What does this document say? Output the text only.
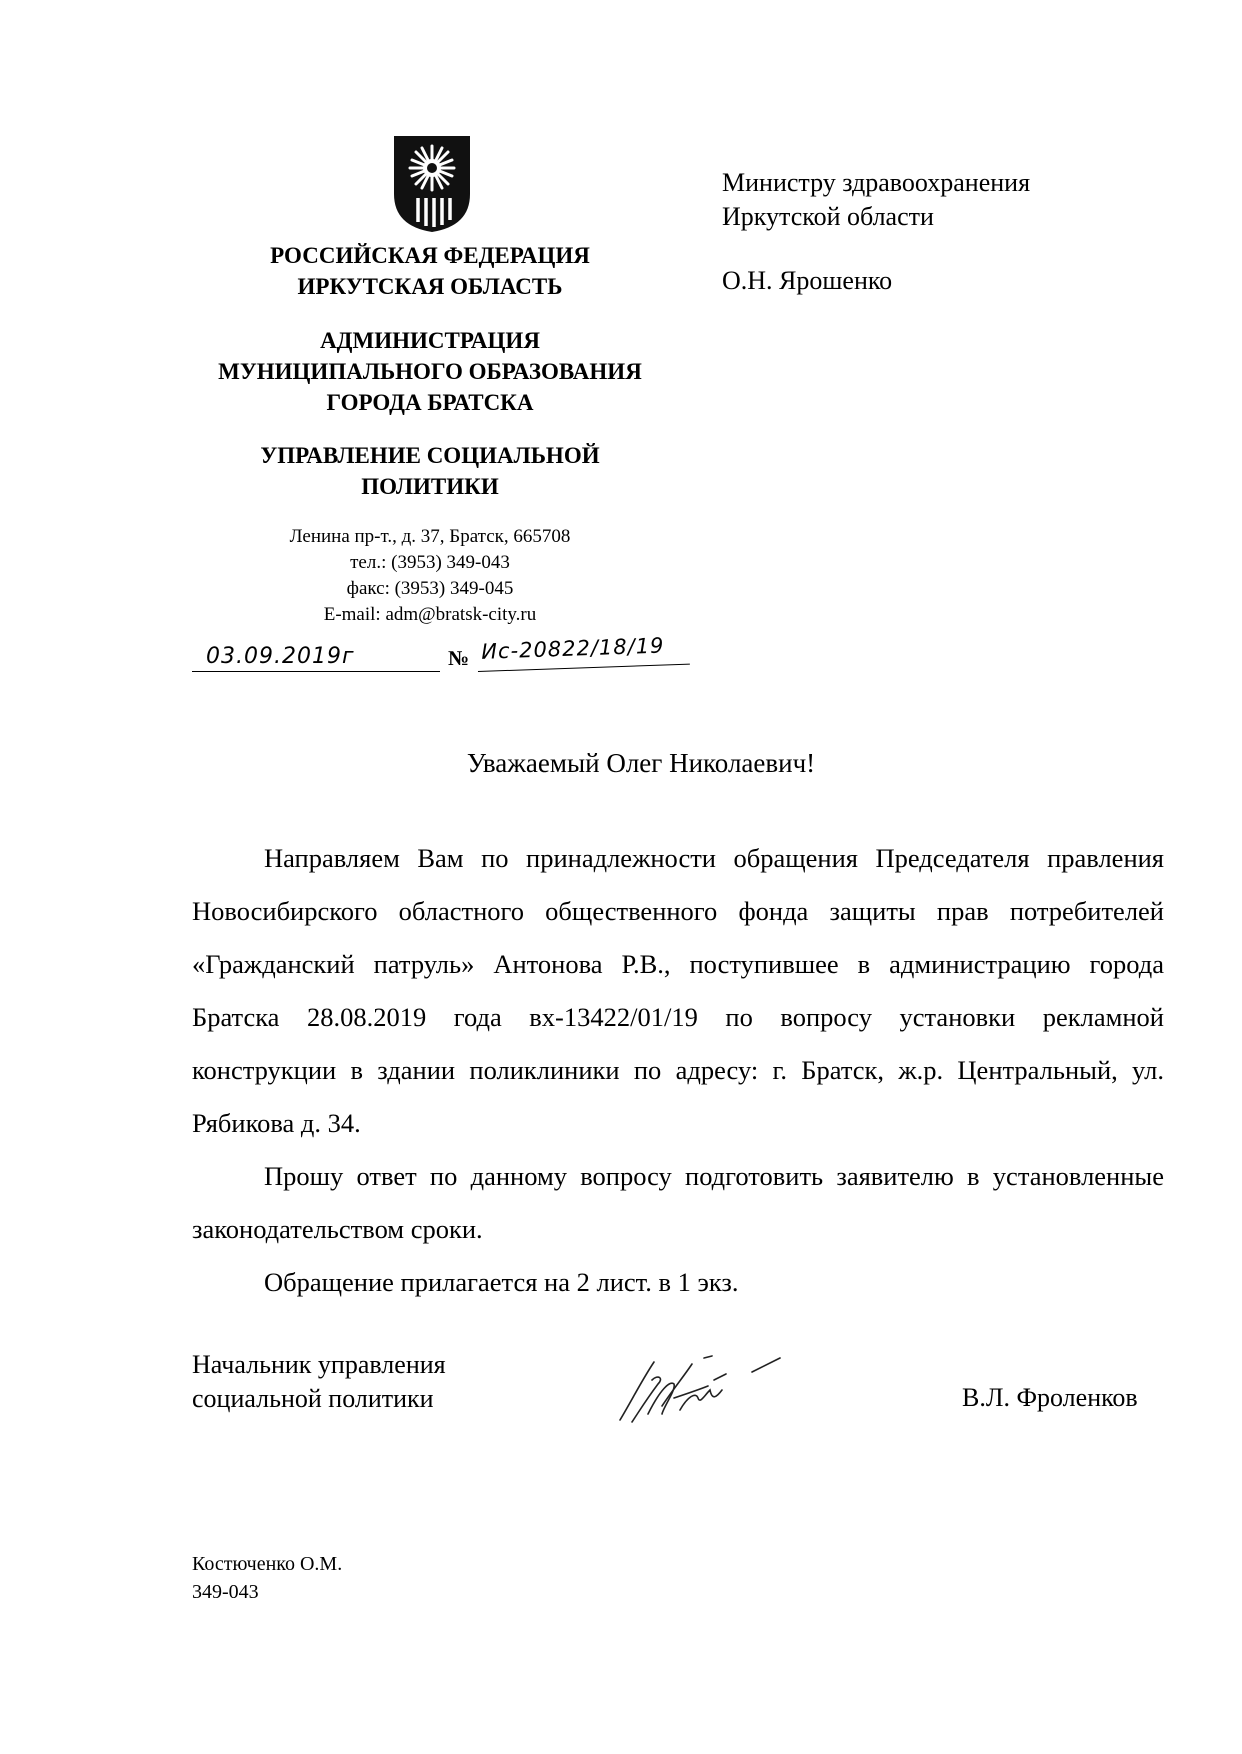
РОССИЙСКАЯ ФЕДЕРАЦИЯ
ИРКУТСКАЯ ОБЛАСТЬ
АДМИНИСТРАЦИЯ
МУНИЦИПАЛЬНОГО ОБРАЗОВАНИЯ
ГОРОДА БРАТСКА
УПРАВЛЕНИЕ СОЦИАЛЬНОЙ
ПОЛИТИКИ
Ленина пр-т., д. 37, Братск, 665708
тел.: (3953) 349-043
факс: (3953) 349-045
E-mail: adm@bratsk-city.ru
03.09.2019г	№ Ис-20822/18/19
Министру здравоохранения
Иркутской области
О.Н. Ярошенко
Уважаемый Олег Николаевич!

Направляем Вам по принадлежности обращения Председателя правления Новосибирского областного общественного фонда защиты прав потребителей «Гражданский патруль» Антонова Р.В., поступившее в администрацию города Братска 28.08.2019 года вх-13422/01/19 по вопросу установки рекламной конструкции в здании поликлиники по адресу: г. Братск, ж.р. Центральный, ул. Рябикова д. 34.

Прошу ответ по данному вопросу подготовить заявителю в установленные законодательством сроки.

Обращение прилагается на 2 лист. в 1 экз.

Начальник управления
социальной политики	В.Л. Фроленков
Костюченко О.М.
349-043
